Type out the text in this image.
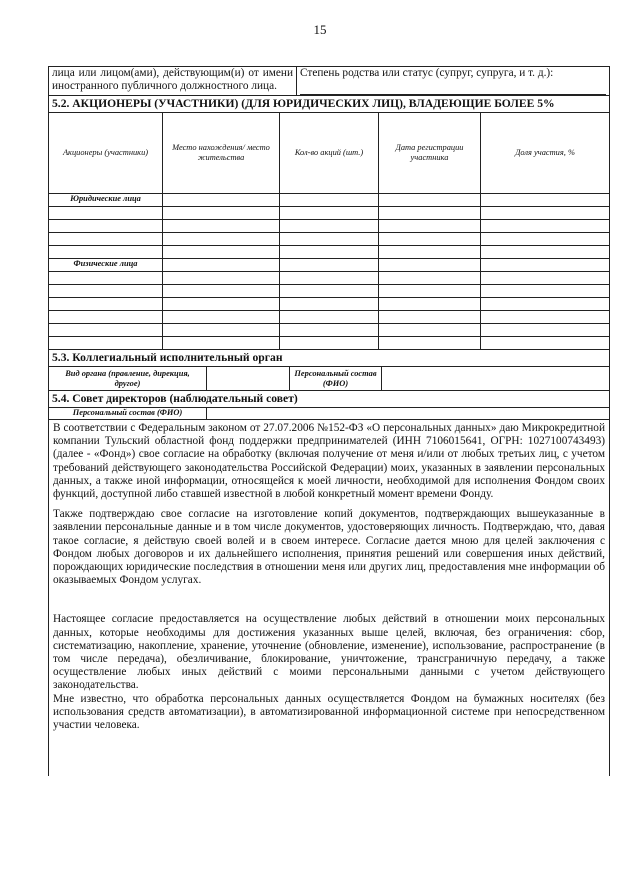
15
лица или лицом(ами), действующим(и) от имени иностранного публичного должностного лица.	
Степень родства или статус (супруг, супруга, и т. д.):
5.2. АКЦИОНЕРЫ (УЧАСТНИКИ) (ДЛЯ ЮРИДИЧЕСКИХ ЛИЦ), ВЛАДЕЮЩИЕ БОЛЕЕ 5%				
Акционеры (участники)	Место нахождения/ место жительства	Кол-во акций (шт.)	Дата регистрации участника	Доля участия, %
Юридические лица				

Физические лица				

5.3. Коллегиальный исполнительный орган
Вид органа (правление, дирекция, другое)		Персональный состав (ФИО)	
5.4. Совет директоров (наблюдательный совет)
Персональный состав (ФИО)	

В соответствии с Федеральным законом от 27.07.2006 №152-ФЗ «О персональных данных» даю Микрокредитной компании Тульский областной фонд поддержки предпринимателей (ИНН 7106015641, ОГРН: 1027100743493) (далее - «Фонд») свое согласие на обработку (включая получение от меня и/или от любых третьих лиц, с учетом требований действующего законодательства Российской Федерации) моих, указанных в заявлении персональных данных, а также иной информации, относящейся к моей личности, необходимой для исполнения Фондом своих функций, доступной либо ставшей известной в любой конкретный момент времени Фонду.

Также подтверждаю свое согласие на изготовление копий документов, подтверждающих вышеуказанные в заявлении персональные данные и в том числе документов, удостоверяющих личность. Подтверждаю, что, давая такое согласие, я действую своей волей и в своем интересе. Согласие дается мною для целей заключения с Фондом любых договоров и их дальнейшего исполнения, принятия решений или совершения иных действий, порождающих юридические последствия в отношении меня или других лиц, предоставления мне информации об оказываемых Фондом услугах.

Настоящее согласие предоставляется на осуществление любых действий в отношении моих персональных данных, которые необходимы для достижения указанных выше целей, включая, без ограничения: сбор, систематизацию, накопление, хранение, уточнение (обновление, изменение), использование, распространение (в том числе передача), обезличивание, блокирование, уничтожение, трансграничную передачу, а также осуществление любых иных действий с моими персональными данными с учетом действующего законодательства.

Мне известно, что обработка персональных данных осуществляется Фондом на бумажных носителях (без использования средств автоматизации), в автоматизированной информационной системе при непосредственном участии человека.
